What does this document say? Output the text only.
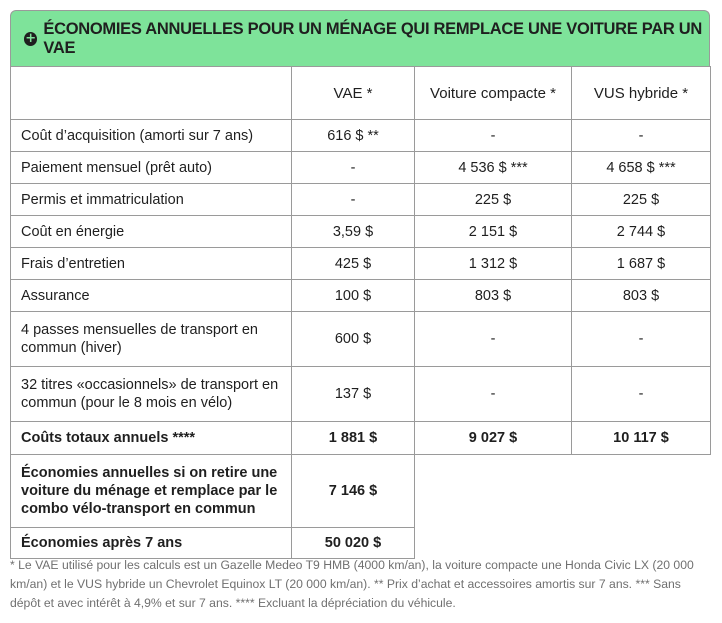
+
ÉCONOMIES ANNUELLES POUR UN MÉNAGE QUI REMPLACE UNE VOITURE PAR UN VAE
	VAE *	Voiture compacte *	VUS hybride *
Coût d’acquisition (amorti sur 7 ans)	616 $ **	-	-
Paiement mensuel (prêt auto)	-	4 536 $ ***	4 658 $ ***
Permis et immatriculation	-	225 $	225 $
Coût en énergie	3,59 $	2 151 $	2 744 $
Frais d’entretien	425 $	1 312 $	1 687 $
Assurance	100 $	803 $	803 $
4 passes mensuelles de transport en commun (hiver)	600 $	-	-
32 titres «occasionnels» de transport en commun (pour le 8 mois en vélo)	137 $	-	-
Coûts totaux annuels ****	1 881 $	9 027 $	10 117 $
Économies annuelles si on retire une voiture du ménage et remplace par le combo vélo-transport en commun	7 146 $		
Économies après 7 ans	50 020 $		
* Le VAE utilisé pour les calculs est un Gazelle Medeo T9 HMB (4000 km/an), la voiture compacte une Honda Civic LX (20 000 km/an) et le VUS hybride un Chevrolet Equinox LT (20 000 km/an). ** Prix d’achat et accessoires amortis sur 7 ans. *** Sans dépôt et avec intérêt à 4,9% et sur 7 ans. **** Excluant la dépréciation du véhicule.
